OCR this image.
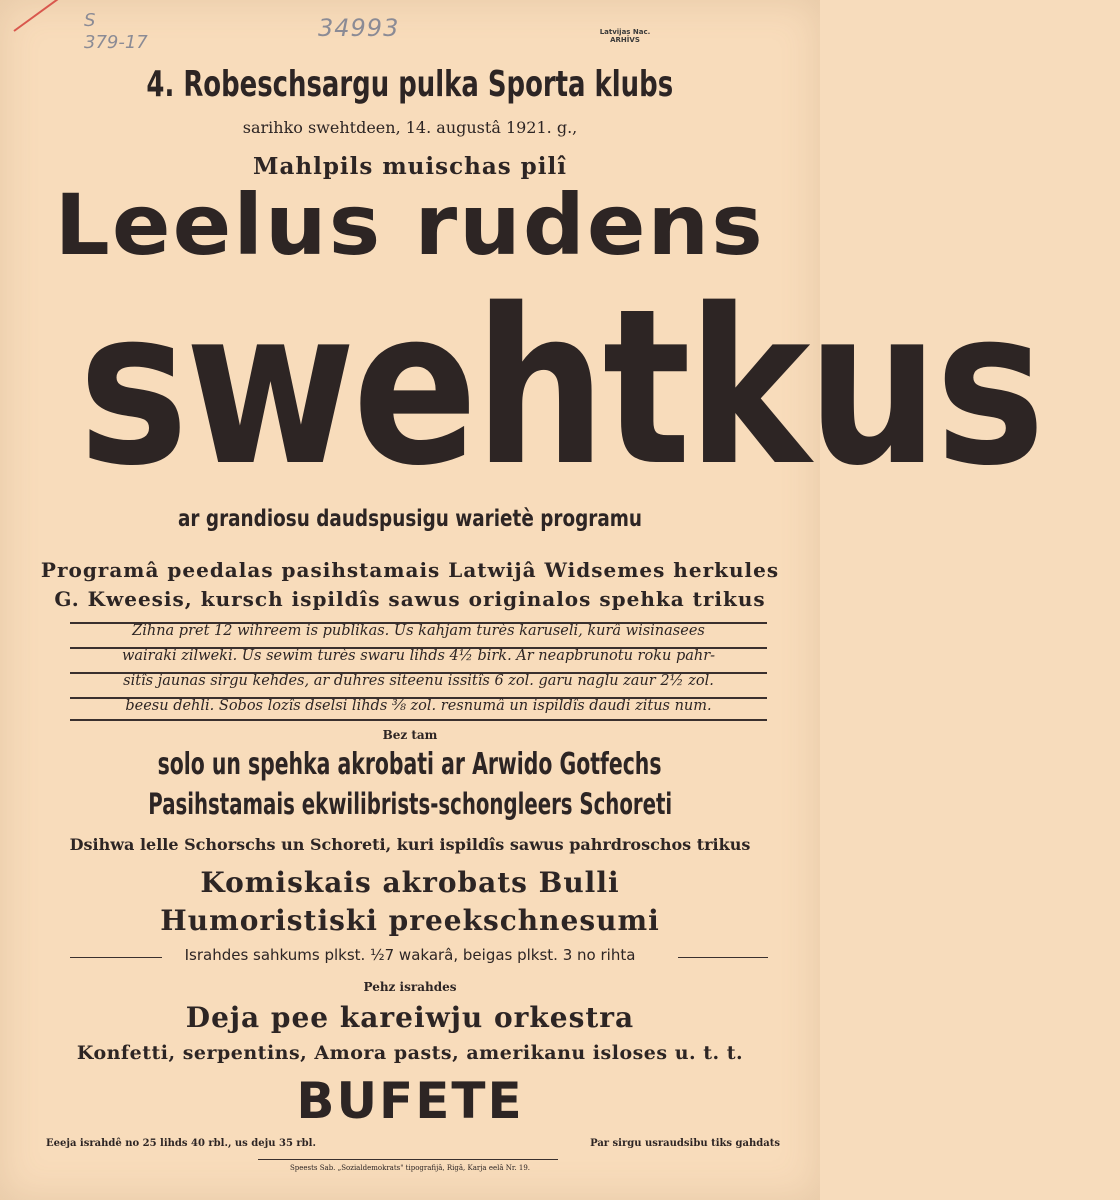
S
379-17
34993	Latvijas Nac.
ARHĪVS
4. Robeschsargu pulka Sporta klubs
sarihko swehtdeen, 14. augustâ 1921. g.,
Mahlpils muischas pilî
Leelus rudens
swehtkus
ar grandiosu daudspusigu warietè programu
Programâ peedalas pasihstamais Latwijâ Widsemes herkules
G. Kweesis, kursch ispildîs sawus originalos spehka trikus
Zihna pret 12 wihreem is publikas. Us kahjam turès karuseli, kurâ wisinasees
wairaki zilweki. Us sewim turès swaru lihds 4½ birk. Ar neapbrunotu roku pahr-
sitîs jaunas sirgu kehdes, ar duhres siteenu issitîs 6 zol. garu naglu zaur 2½ zol.
beesu dehli. Sobos lozîs dselsi lihds ⅜ zol. resnumâ un ispildîs daudi zitus num.
Bez tam
solo un spehka akrobati ar Arwido Gotfechs
Pasihstamais ekwilibrists-schongleers Schoreti
Dsihwa lelle Schorschs un Schoreti, kuri ispildîs sawus pahrdroschos trikus
Komiskais akrobats Bulli
Humoristiski preekschnesumi
Israhdes sahkums plkst. ½7 wakarâ, beigas plkst. 3 no rihta
Pehz israhdes
Deja pee kareiwju orkestra
Konfetti, serpentins, Amora pasts, amerikanu isloses u. t. t.
BUFETE
Eeeja israhdê no 25 lihds 40 rbl., us deju 35 rbl.	Par sirgu usraudsibu tiks gahdats
Speests Sab. „Sozialdemokrats" tipografijâ, Rigâ, Karja eelâ Nr. 19.
